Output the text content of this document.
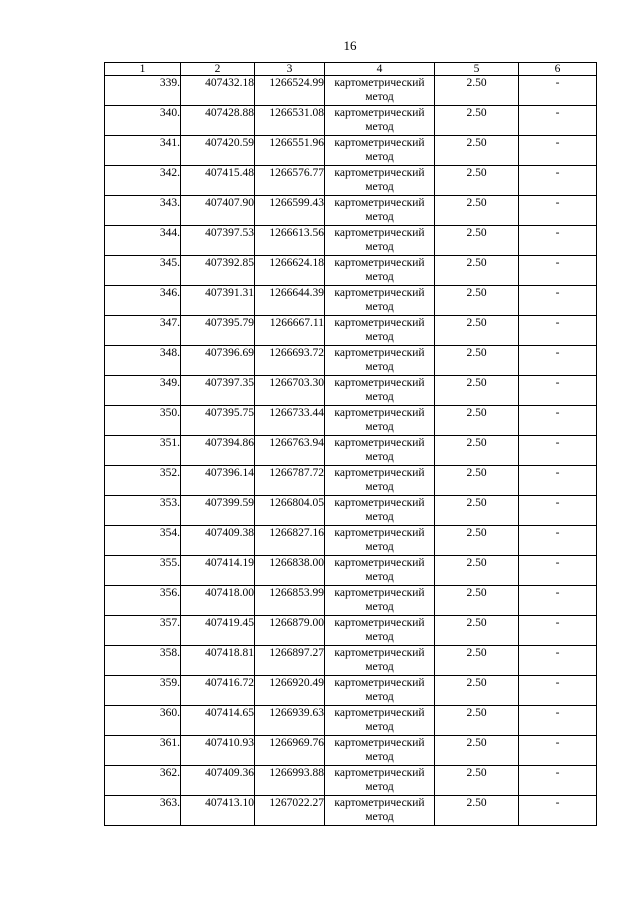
16
1	2	3	4	5	6
339.	407432.18	1266524.99	картометрический метод	2.50	-
340.	407428.88	1266531.08	картометрический метод	2.50	-
341.	407420.59	1266551.96	картометрический метод	2.50	-
342.	407415.48	1266576.77	картометрический метод	2.50	-
343.	407407.90	1266599.43	картометрический метод	2.50	-
344.	407397.53	1266613.56	картометрический метод	2.50	-
345.	407392.85	1266624.18	картометрический метод	2.50	-
346.	407391.31	1266644.39	картометрический метод	2.50	-
347.	407395.79	1266667.11	картометрический метод	2.50	-
348.	407396.69	1266693.72	картометрический метод	2.50	-
349.	407397.35	1266703.30	картометрический метод	2.50	-
350.	407395.75	1266733.44	картометрический метод	2.50	-
351.	407394.86	1266763.94	картометрический метод	2.50	-
352.	407396.14	1266787.72	картометрический метод	2.50	-
353.	407399.59	1266804.05	картометрический метод	2.50	-
354.	407409.38	1266827.16	картометрический метод	2.50	-
355.	407414.19	1266838.00	картометрический метод	2.50	-
356.	407418.00	1266853.99	картометрический метод	2.50	-
357.	407419.45	1266879.00	картометрический метод	2.50	-
358.	407418.81	1266897.27	картометрический метод	2.50	-
359.	407416.72	1266920.49	картометрический метод	2.50	-
360.	407414.65	1266939.63	картометрический метод	2.50	-
361.	407410.93	1266969.76	картометрический метод	2.50	-
362.	407409.36	1266993.88	картометрический метод	2.50	-
363.	407413.10	1267022.27	картометрический метод	2.50	-
